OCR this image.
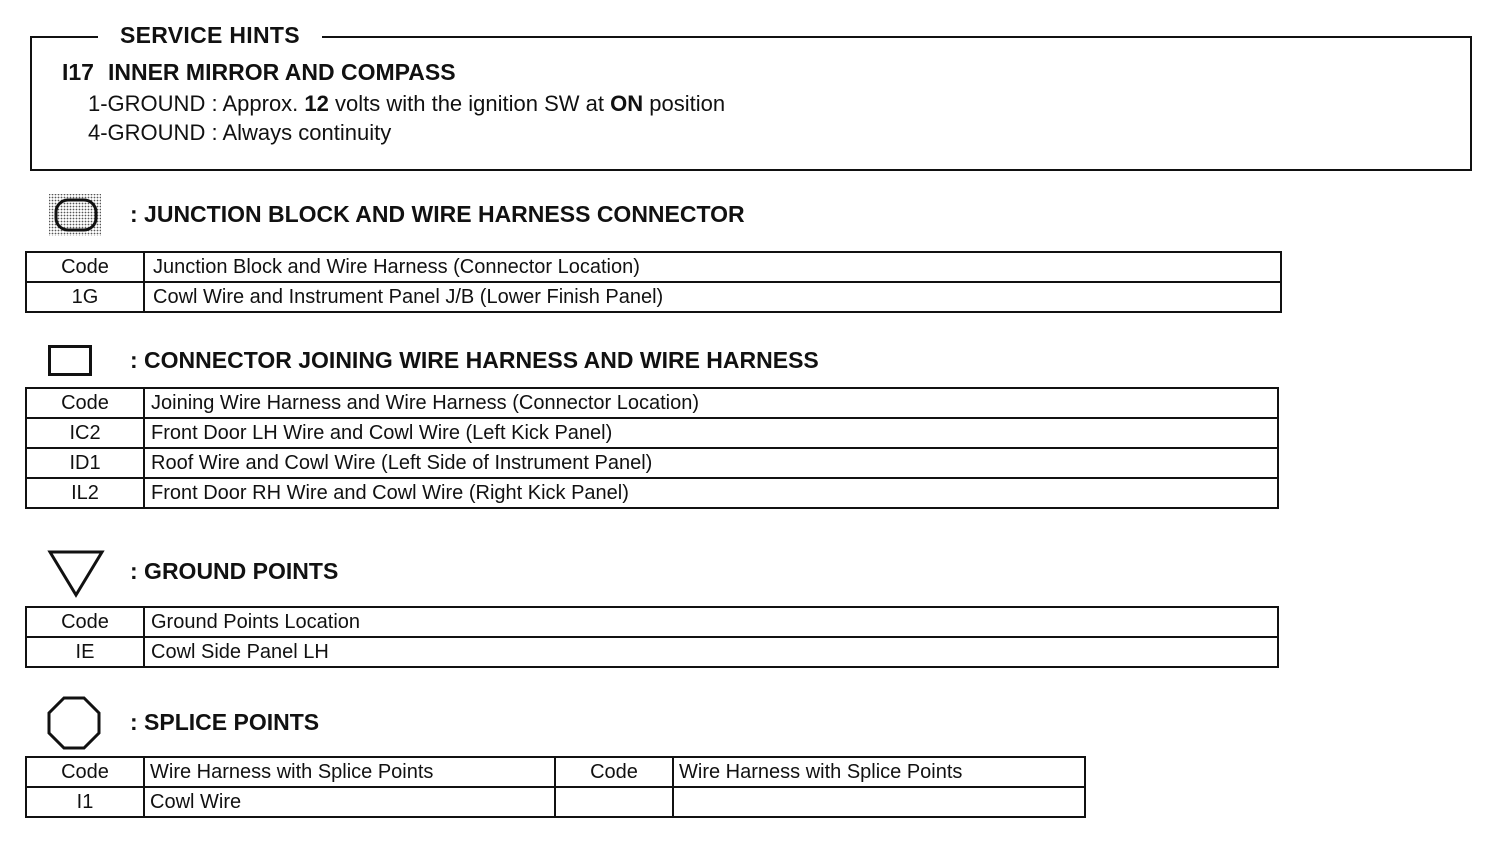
SERVICE HINTS
I17 INNER MIRROR AND COMPASS
1-GROUND : Approx. 12 volts with the ignition SW at ON position
4-GROUND : Always continuity
: JUNCTION BLOCK AND WIRE HARNESS CONNECTOR
Code	Junction Block and Wire Harness (Connector Location)
1G	Cowl Wire and Instrument Panel J/B (Lower Finish Panel)
: CONNECTOR JOINING WIRE HARNESS AND WIRE HARNESS
Code	Joining Wire Harness and Wire Harness (Connector Location)
IC2	Front Door LH Wire and Cowl Wire (Left Kick Panel)
ID1	Roof Wire and Cowl Wire (Left Side of Instrument Panel)
IL2	Front Door RH Wire and Cowl Wire (Right Kick Panel)
: GROUND POINTS
Code	Ground Points Location
IE	Cowl Side Panel LH
: SPLICE POINTS
Code	Wire Harness with Splice Points	Code	Wire Harness with Splice Points
I1	Cowl Wire		
